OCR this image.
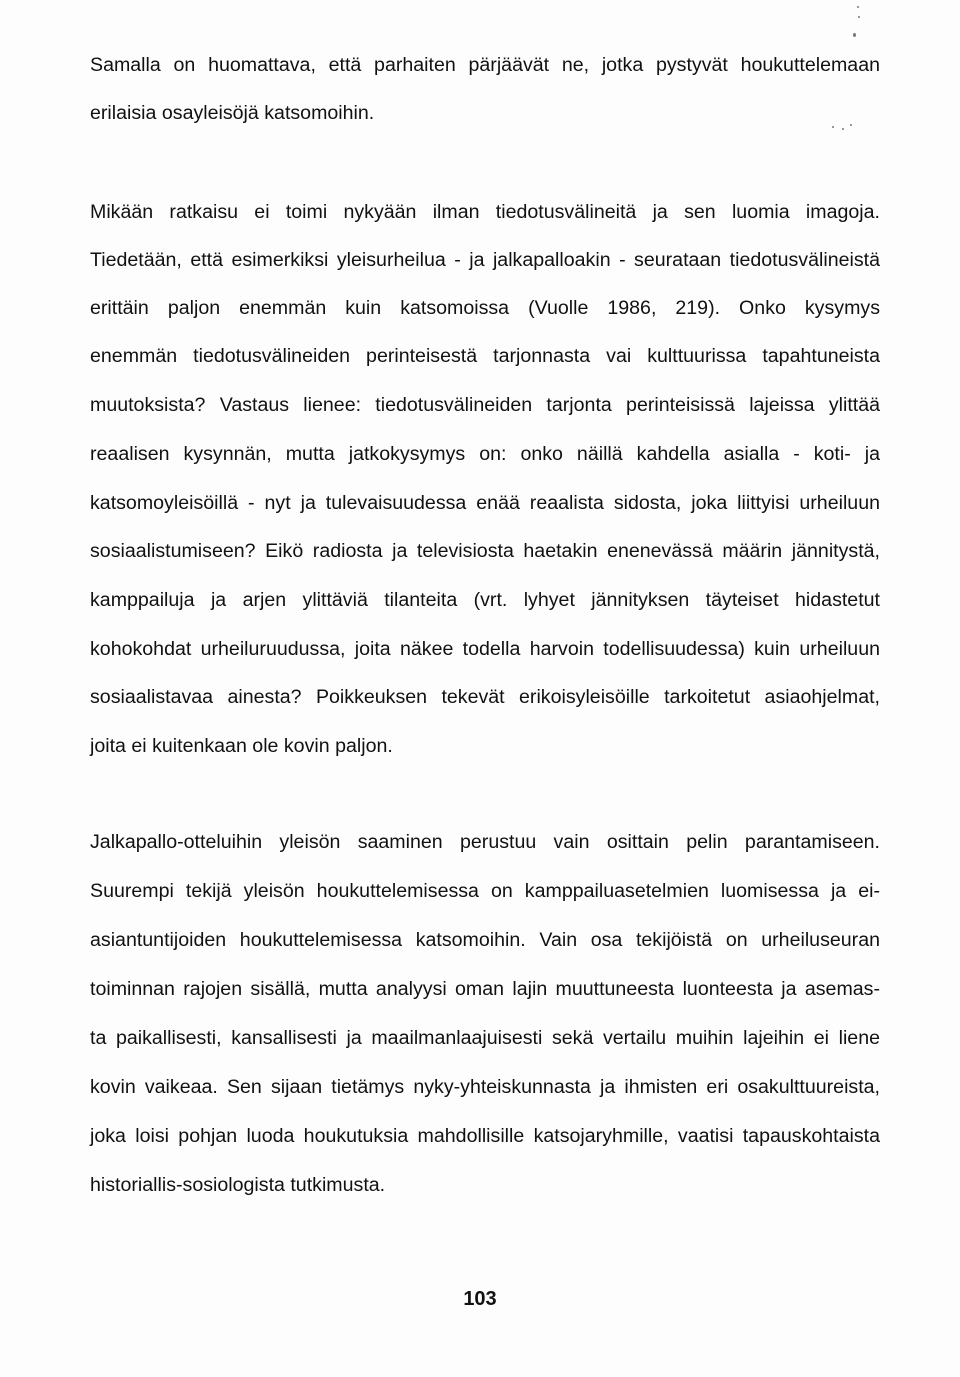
Samalla on huomattava, että parhaiten pärjäävät ne, jotka pystyvät houkuttelemaan

erilaisia osayleisöjä katsomoihin.

Mikään ratkaisu ei toimi nykyään ilman tiedotusvälineitä ja sen luomia imagoja.

Tiedetään, että esimerkiksi yleisurheilua - ja jalkapalloakin - seurataan tiedotusvälineistä

erittäin paljon enemmän kuin katsomoissa (Vuolle 1986, 219). Onko kysymys

enemmän tiedotusvälineiden perinteisestä tarjonnasta vai kulttuurissa tapahtuneista

muutoksista? Vastaus lienee: tiedotusvälineiden tarjonta perinteisissä lajeissa ylittää

reaalisen kysynnän, mutta jatkokysymys on: onko näillä kahdella asialla - koti- ja

katsomoyleisöillä - nyt ja tulevaisuudessa enää reaalista sidosta, joka liittyisi urheiluun

sosiaalistumiseen? Eikö radiosta ja televisiosta haetakin enenevässä määrin jännitystä,

kamppailuja ja arjen ylittäviä tilanteita (vrt. lyhyet jännityksen täyteiset hidastetut

kohokohdat urheiluruudussa, joita näkee todella harvoin todellisuudessa) kuin urheiluun

sosiaalistavaa ainesta? Poikkeuksen tekevät erikoisyleisöille tarkoitetut asiaohjelmat,

joita ei kuitenkaan ole kovin paljon.

Jalkapallo-otteluihin yleisön saaminen perustuu vain osittain pelin parantamiseen.

Suurempi tekijä yleisön houkuttelemisessa on kamppailuasetelmien luomisessa ja ei-

asiantuntijoiden houkuttelemisessa katsomoihin. Vain osa tekijöistä on urheiluseuran

toiminnan rajojen sisällä, mutta analyysi oman lajin muuttuneesta luonteesta ja asemas-

ta paikallisesti, kansallisesti ja maailmanlaajuisesti sekä vertailu muihin lajeihin ei liene

kovin vaikeaa. Sen sijaan tietämys nyky-yhteiskunnasta ja ihmisten eri osakulttuureista,

joka loisi pohjan luoda houkutuksia mahdollisille katsojaryhmille, vaatisi tapauskohtaista

historiallis-sosiologista tutkimusta.

103
